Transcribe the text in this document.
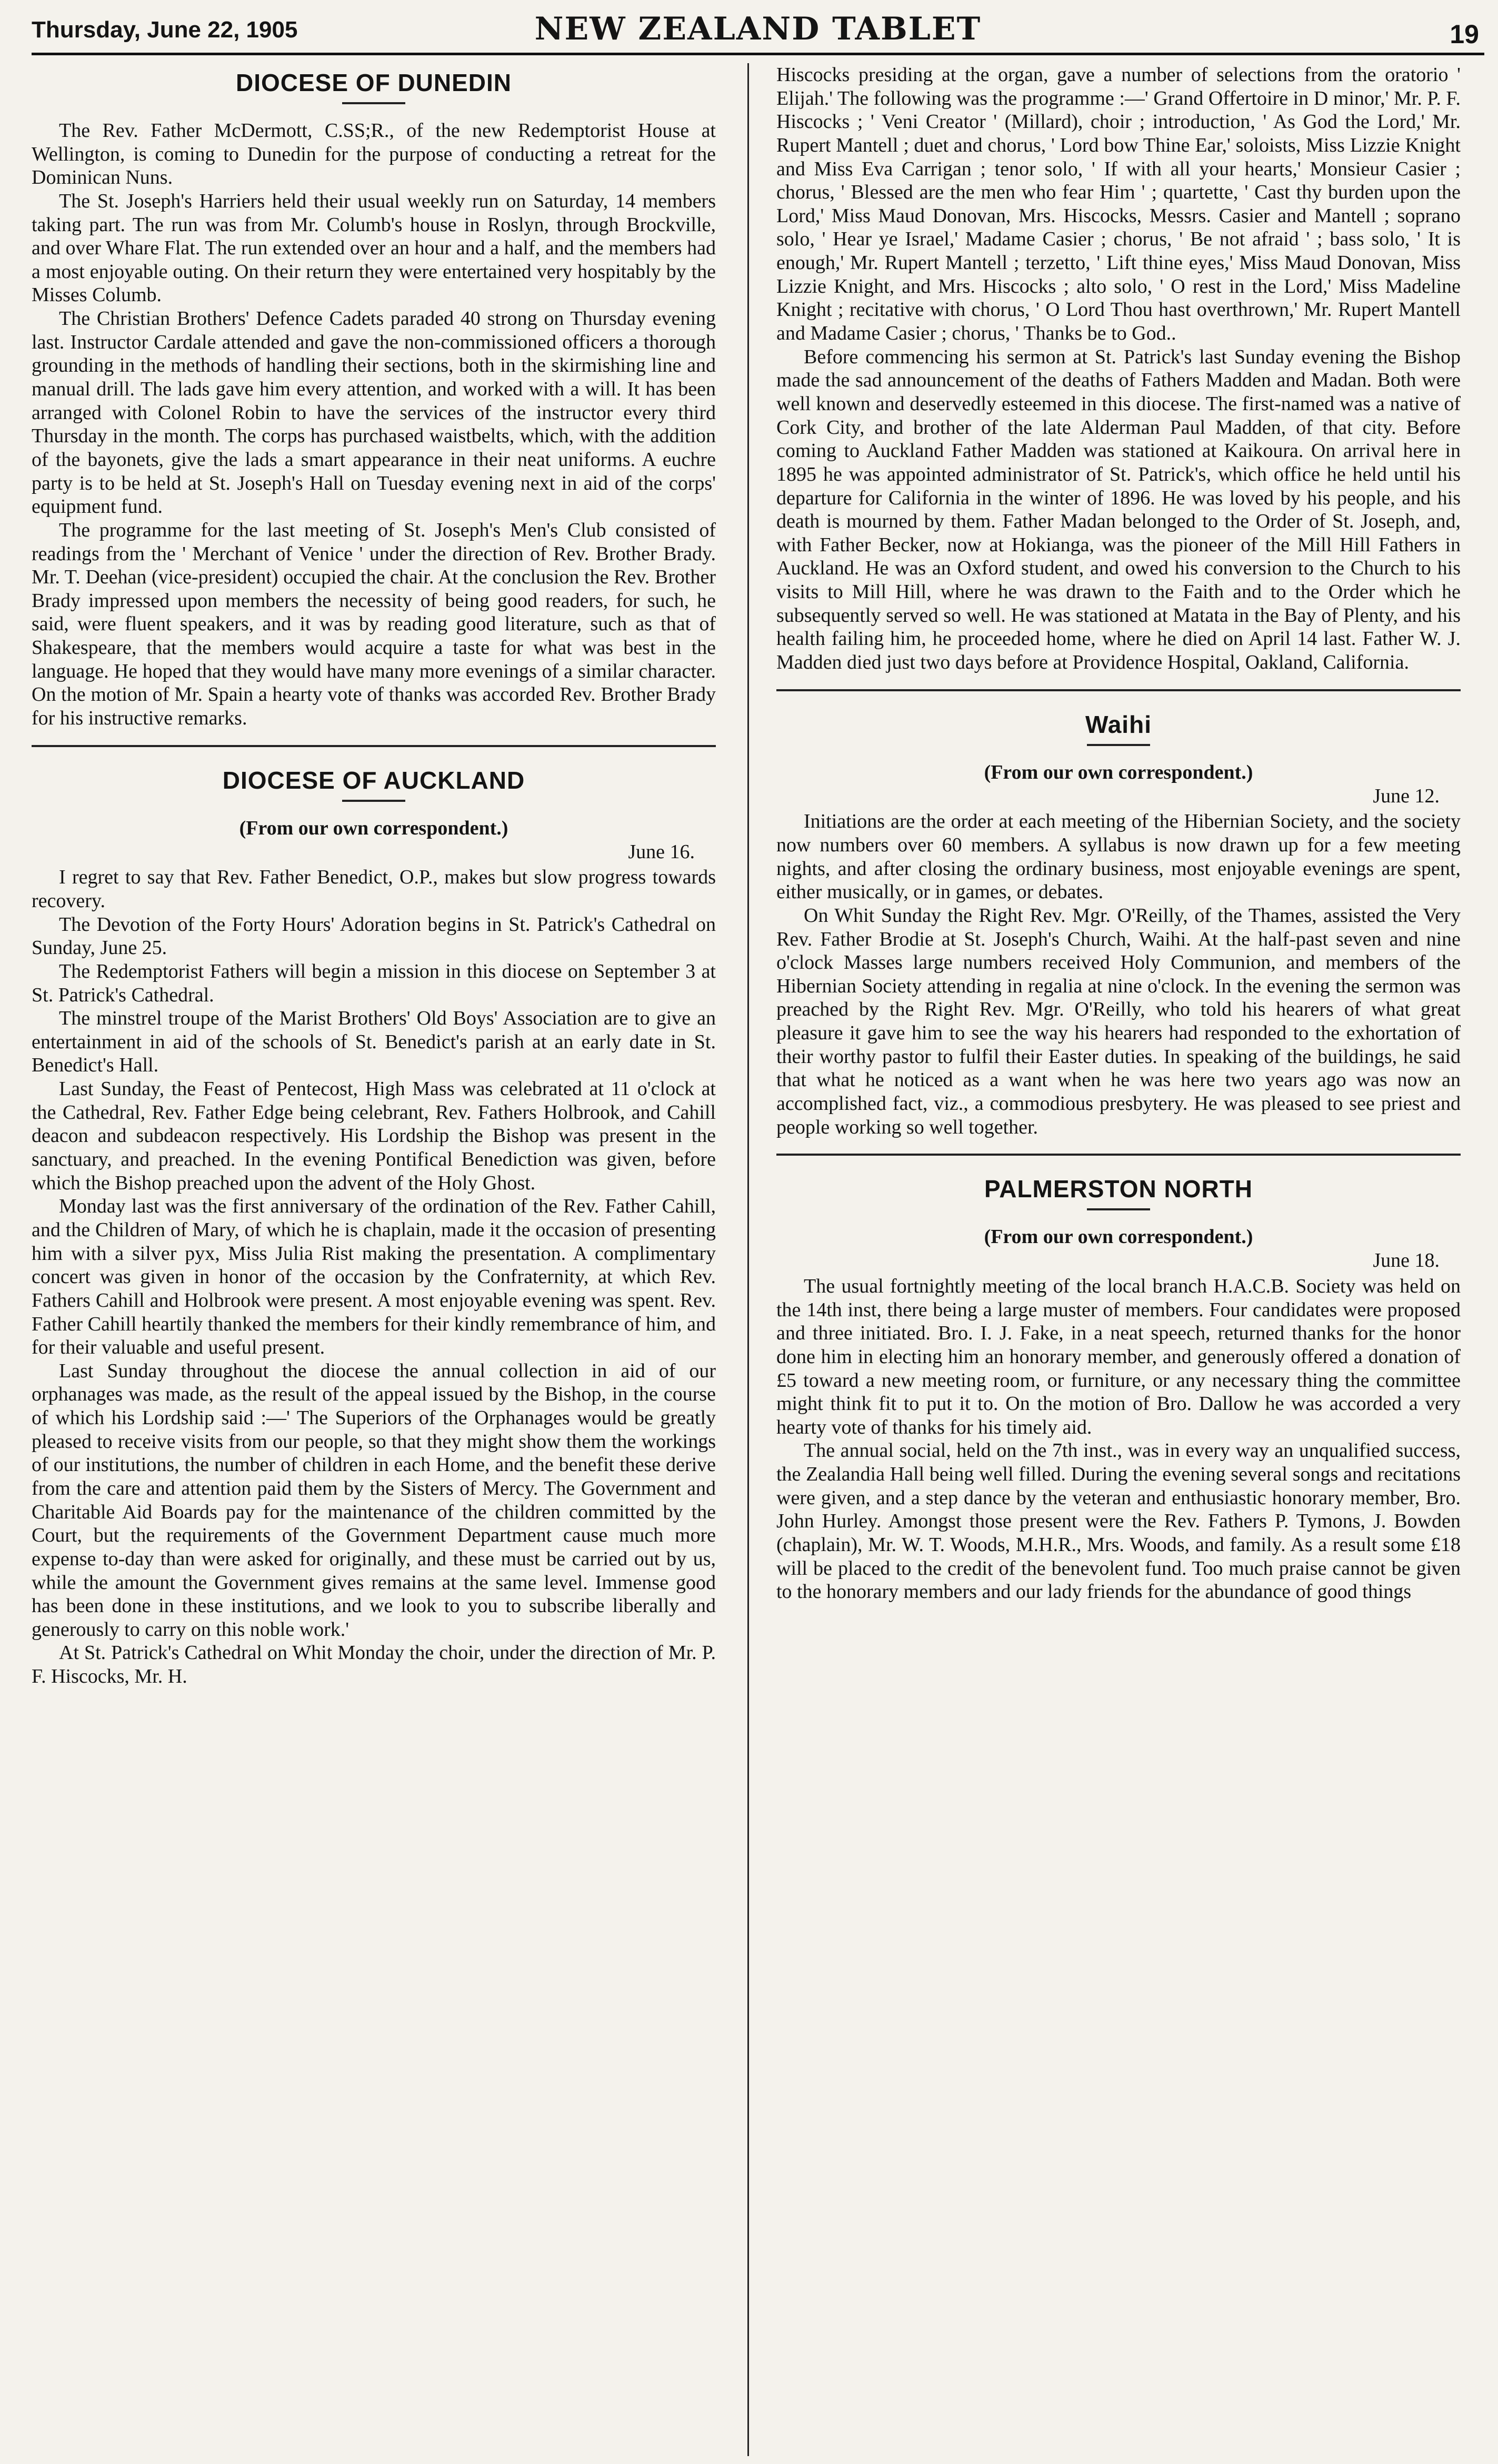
Thursday, June 22, 1905	NEW ZEALAND TABLET	19
DIOCESE OF DUNEDIN

The Rev. Father McDermott, C.SS;R., of the new Redemptorist House at Wellington, is coming to Dunedin for the purpose of conducting a retreat for the Dominican Nuns.

The St. Joseph's Harriers held their usual weekly run on Saturday, 14 members taking part. The run was from Mr. Columb's house in Roslyn, through Brockville, and over Whare Flat. The run extended over an hour and a half, and the members had a most enjoyable outing. On their return they were entertained very hospitably by the Misses Columb.

The Christian Brothers' Defence Cadets paraded 40 strong on Thursday evening last. Instructor Cardale attended and gave the non-commissioned officers a thorough grounding in the methods of handling their sections, both in the skirmishing line and manual drill. The lads gave him every attention, and worked with a will. It has been arranged with Colonel Robin to have the services of the instructor every third Thursday in the month. The corps has purchased waistbelts, which, with the addition of the bayonets, give the lads a smart appearance in their neat uniforms. A euchre party is to be held at St. Joseph's Hall on Tuesday evening next in aid of the corps' equipment fund.

The programme for the last meeting of St. Joseph's Men's Club consisted of readings from the ' Merchant of Venice ' under the direction of Rev. Brother Brady. Mr. T. Deehan (vice-president) occupied the chair. At the conclusion the Rev. Brother Brady impressed upon members the necessity of being good readers, for such, he said, were fluent speakers, and it was by reading good literature, such as that of Shakespeare, that the members would acquire a taste for what was best in the language. He hoped that they would have many more evenings of a similar character. On the motion of Mr. Spain a hearty vote of thanks was accorded Rev. Brother Brady for his instructive remarks.

DIOCESE OF AUCKLAND
(From our own correspondent.)
June 16.

I regret to say that Rev. Father Benedict, O.P., makes but slow progress towards recovery.

The Devotion of the Forty Hours' Adoration begins in St. Patrick's Cathedral on Sunday, June 25.

The Redemptorist Fathers will begin a mission in this diocese on September 3 at St. Patrick's Cathedral.

The minstrel troupe of the Marist Brothers' Old Boys' Association are to give an entertainment in aid of the schools of St. Benedict's parish at an early date in St. Benedict's Hall.

Last Sunday, the Feast of Pentecost, High Mass was celebrated at 11 o'clock at the Cathedral, Rev. Father Edge being celebrant, Rev. Fathers Holbrook, and Cahill deacon and subdeacon respectively. His Lordship the Bishop was present in the sanctuary, and preached. In the evening Pontifical Benediction was given, before which the Bishop preached upon the advent of the Holy Ghost.

Monday last was the first anniversary of the ordination of the Rev. Father Cahill, and the Children of Mary, of which he is chaplain, made it the occasion of presenting him with a silver pyx, Miss Julia Rist making the presentation. A complimentary concert was given in honor of the occasion by the Confraternity, at which Rev. Fathers Cahill and Holbrook were present. A most enjoyable evening was spent. Rev. Father Cahill heartily thanked the members for their kindly remembrance of him, and for their valuable and useful present.

Last Sunday throughout the diocese the annual collection in aid of our orphanages was made, as the result of the appeal issued by the Bishop, in the course of which his Lordship said :—' The Superiors of the Orphanages would be greatly pleased to receive visits from our people, so that they might show them the workings of our institutions, the number of children in each Home, and the benefit these derive from the care and attention paid them by the Sisters of Mercy. The Government and Charitable Aid Boards pay for the maintenance of the children committed by the Court, but the requirements of the Government Department cause much more expense to-day than were asked for originally, and these must be carried out by us, while the amount the Government gives remains at the same level. Immense good has been done in these institutions, and we look to you to subscribe liberally and generously to carry on this noble work.'

At St. Patrick's Cathedral on Whit Monday the choir, under the direction of Mr. P. F. Hiscocks, Mr. H.

Hiscocks presiding at the organ, gave a number of selections from the oratorio ' Elijah.' The following was the programme :—' Grand Offertoire in D minor,' Mr. P. F. Hiscocks ; ' Veni Creator ' (Millard), choir ; introduction, ' As God the Lord,' Mr. Rupert Mantell ; duet and chorus, ' Lord bow Thine Ear,' soloists, Miss Lizzie Knight and Miss Eva Carrigan ; tenor solo, ' If with all your hearts,' Monsieur Casier ; chorus, ' Blessed are the men who fear Him ' ; quartette, ' Cast thy burden upon the Lord,' Miss Maud Donovan, Mrs. Hiscocks, Messrs. Casier and Mantell ; soprano solo, ' Hear ye Israel,' Madame Casier ; chorus, ' Be not afraid ' ; bass solo, ' It is enough,' Mr. Rupert Mantell ; terzetto, ' Lift thine eyes,' Miss Maud Donovan, Miss Lizzie Knight, and Mrs. Hiscocks ; alto solo, ' O rest in the Lord,' Miss Madeline Knight ; recitative with chorus, ' O Lord Thou hast overthrown,' Mr. Rupert Mantell and Madame Casier ; chorus, ' Thanks be to God..

Before commencing his sermon at St. Patrick's last Sunday evening the Bishop made the sad announcement of the deaths of Fathers Madden and Madan. Both were well known and deservedly esteemed in this diocese. The first-named was a native of Cork City, and brother of the late Alderman Paul Madden, of that city. Before coming to Auckland Father Madden was stationed at Kaikoura. On arrival here in 1895 he was appointed administrator of St. Patrick's, which office he held until his departure for California in the winter of 1896. He was loved by his people, and his death is mourned by them. Father Madan belonged to the Order of St. Joseph, and, with Father Becker, now at Hokianga, was the pioneer of the Mill Hill Fathers in Auckland. He was an Oxford student, and owed his conversion to the Church to his visits to Mill Hill, where he was drawn to the Faith and to the Order which he subsequently served so well. He was stationed at Matata in the Bay of Plenty, and his health failing him, he proceeded home, where he died on April 14 last. Father W. J. Madden died just two days before at Providence Hospital, Oakland, California.

Waihi
(From our own correspondent.)
June 12.

Initiations are the order at each meeting of the Hibernian Society, and the society now numbers over 60 members. A syllabus is now drawn up for a few meeting nights, and after closing the ordinary business, most enjoyable evenings are spent, either musically, or in games, or debates.

On Whit Sunday the Right Rev. Mgr. O'Reilly, of the Thames, assisted the Very Rev. Father Brodie at St. Joseph's Church, Waihi. At the half-past seven and nine o'clock Masses large numbers received Holy Communion, and members of the Hibernian Society attending in regalia at nine o'clock. In the evening the sermon was preached by the Right Rev. Mgr. O'Reilly, who told his hearers of what great pleasure it gave him to see the way his hearers had responded to the exhortation of their worthy pastor to fulfil their Easter duties. In speaking of the buildings, he said that what he noticed as a want when he was here two years ago was now an accomplished fact, viz., a commodious presbytery. He was pleased to see priest and people working so well together.

PALMERSTON NORTH
(From our own correspondent.)
June 18.

The usual fortnightly meeting of the local branch H.A.C.B. Society was held on the 14th inst, there being a large muster of members. Four candidates were proposed and three initiated. Bro. I. J. Fake, in a neat speech, returned thanks for the honor done him in electing him an honorary member, and generously offered a donation of £5 toward a new meeting room, or furniture, or any necessary thing the committee might think fit to put it to. On the motion of Bro. Dallow he was accorded a very hearty vote of thanks for his timely aid.

The annual social, held on the 7th inst., was in every way an unqualified success, the Zealandia Hall being well filled. During the evening several songs and recitations were given, and a step dance by the veteran and enthusiastic honorary member, Bro. John Hurley. Amongst those present were the Rev. Fathers P. Tymons, J. Bowden (chaplain), Mr. W. T. Woods, M.H.R., Mrs. Woods, and family. As a result some £18 will be placed to the credit of the benevolent fund. Too much praise cannot be given to the honorary members and our lady friends for the abundance of good things
